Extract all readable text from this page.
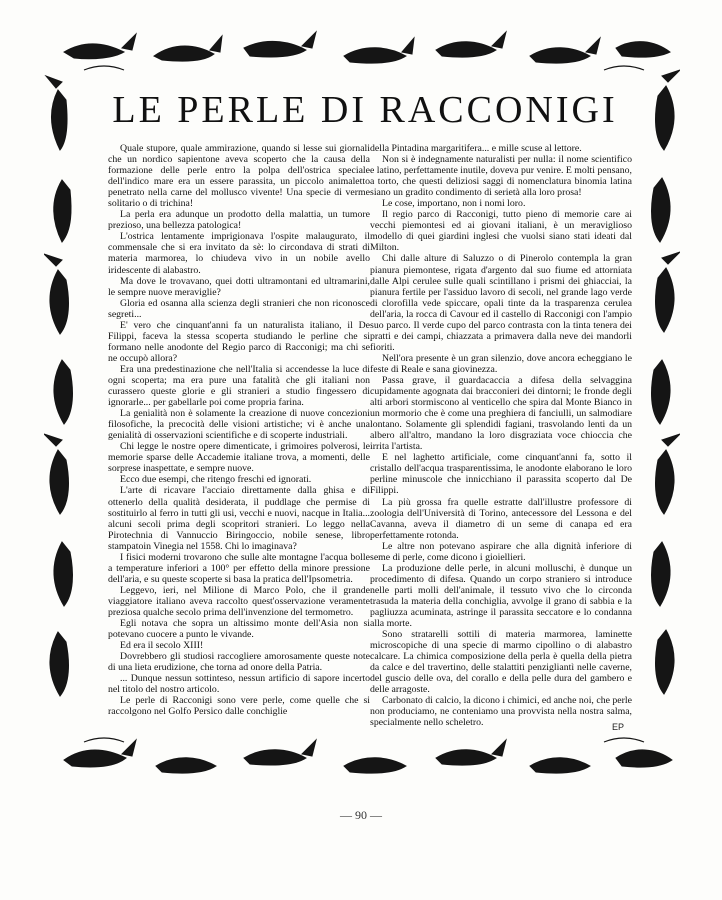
LE PERLE DI RACCONIGI

Quale stupore, quale ammirazione, quando si lesse sui giornali che un nordico sapientone aveva scoperto che la causa della formazione delle perle entro la polpa dell'ostrica speciale dell'indico mare era un essere parassita, un piccolo animaletto penetrato nella carne del mollusco vivente! Una specie di verme solitario o di trichina!

La perla era adunque un prodotto della malattia, un tumore prezioso, una bellezza patologica!

L'ostrica lentamente imprigionava l'ospite malaugurato, il commensale che si era invitato da sè: lo circondava di strati di materia marmorea, lo chiudeva vivo in un nobile avello iridescente di alabastro.

Ma dove le trovavano, quei dotti ultramontani ed ultramarini, le sempre nuove meraviglie?

Gloria ed osanna alla scienza degli stranieri che non riconosce segreti...

E' vero che cinquant'anni fa un naturalista italiano, il De Filippi, faceva la stessa scoperta studiando le perline che si formano nelle anodonte del Regio parco di Racconigi; ma chi se ne occupò allora?

Era una predestinazione che nell'Italia si accendesse la luce di ogni scoperta; ma era pure una fatalità che gli italiani non curassero queste glorie e gli stranieri a studio fingessero di ignorarle... per gabellarle poi come propria farina.

La genialità non è solamente la creazione di nuove concezioni filosofiche, la precocità delle visioni artistiche; vi è anche una genialità di osservazioni scientifiche e di scoperte industriali.

Chi legge le nostre opere dimenticate, i grimoires polverosi, le memorie sparse delle Accademie italiane trova, a momenti, delle sorprese inaspettate, e sempre nuove.

Ecco due esempi, che ritengo freschi ed ignorati.

L'arte di ricavare l'acciaio direttamente dalla ghisa e di ottenerlo della qualità desiderata, il puddlage che permise di sostituirlo al ferro in tutti gli usi, vecchi e nuovi, nacque in Italia... alcuni secoli prima degli scopritori stranieri. Lo leggo nella Pirotechnia di Vannuccio Biringoccio, nobile senese, libro stampatoin Vinegia nel 1558. Chi lo imaginava?

I fisici moderni trovarono che sulle alte montagne l'acqua bolle a temperature inferiori a 100° per effetto della minore pressione dell'aria, e su queste scoperte si basa la pratica dell'Ipsometria.

Leggevo, ieri, nel Milione di Marco Polo, che il grande viaggiatore italiano aveva raccolto quest'osservazione veramente preziosa qualche secolo prima dell'invenzione del termometro.

Egli notava che sopra un altissimo monte dell'Asia non si potevano cuocere a punto le vivande.

Ed era il secolo XIII!

Dovrebbero gli studiosi raccogliere amorosamente queste note di una lieta erudizione, che torna ad onore della Patria.

... Dunque nessun sottinteso, nessun artificio di sapore incerto nel titolo del nostro articolo.

Le perle di Racconigi sono vere perle, come quelle che si raccolgono nel Golfo Persico dalle conchiglie

della Pintadina margaritifera... e mille scuse al lettore.

Non si è indegnamente naturalisti per nulla: il nome scientifico e latino, perfettamente inutile, doveva pur venire. E molti pensano, a torto, che questi deliziosi saggi di nomenclatura binomia latina siano un gradito condimento di serietà alla loro prosa!

Le cose, importano, non i nomi loro.

Il regio parco di Racconigi, tutto pieno di memorie care ai vecchi piemontesi ed ai giovani italiani, è un meraviglioso modello di quei giardini inglesi che vuolsi siano stati ideati dal Milton.

Chi dalle alture di Saluzzo o di Pinerolo contempla la gran pianura piemontese, rigata d'argento dal suo fiume ed attorniata dalle Alpi cerulee sulle quali scintillano i prismi dei ghiacciai, la pianura fertile per l'assiduo lavoro di secoli, nel grande lago verde di clorofilla vede spiccare, opali tinte da la trasparenza cerulea dell'aria, la rocca di Cavour ed il castello di Racconigi con l'ampio suo parco. Il verde cupo del parco contrasta con la tinta tenera dei pratti e dei campi, chiazzata a primavera dalla neve dei mandorli fioriti.

Nell'ora presente è un gran silenzio, dove ancora echeggiano le feste di Reale e sana giovinezza.

Passa grave, il guardacaccia a difesa della selvaggina cupidamente agognata dai bracconieri dei dintorni; le fronde degli alti arbori stormiscono al venticello che spira dal Monte Bianco in un mormorio che è come una preghiera di fanciulli, un salmodiare lontano. Solamente gli splendidi fagiani, trasvolando lenti da un albero all'altro, mandano la loro disgraziata voce chioccia che irrita l'artista.

E nel laghetto artificiale, come cinquant'anni fa, sotto il cristallo dell'acqua trasparentissima, le anodonte elaborano le loro perline minuscole che innicchiano il parassita scoperto dal De Filippi.

La più grossa fra quelle estratte dall'illustre professore di zoologia dell'Università di Torino, antecessore del Lessona e del Cavanna, aveva il diametro di un seme di canapa ed era perfettamente rotonda.

Le altre non potevano aspirare che alla dignità inferiore di seme di perle, come dicono i gioiellieri.

La produzione delle perle, in alcuni molluschi, è dunque un procedimento di difesa. Quando un corpo straniero si introduce nelle parti molli dell'animale, il tessuto vivo che lo circonda trasuda la materia della conchiglia, avvolge il grano di sabbia e la pagliuzza acuminata, astringe il parassita seccatore e lo condanna alla morte.

Sono stratarelli sottili di materia marmorea, laminette microscopiche di una specie di marmo cipollino o di alabastro calcare. La chimica composizione della perla è quella della pietra da calce e del travertino, delle stalattiti penzigliantì nelle caverne, del guscio delle ova, del corallo e della pelle dura del gambero e delle arragoste.

Carbonato di calcio, la dicono i chimici, ed anche noi, che perle non produciamo, ne conteniamo una provvista nella nostra salma, specialmente nello scheletro.	EP
— 90 —
